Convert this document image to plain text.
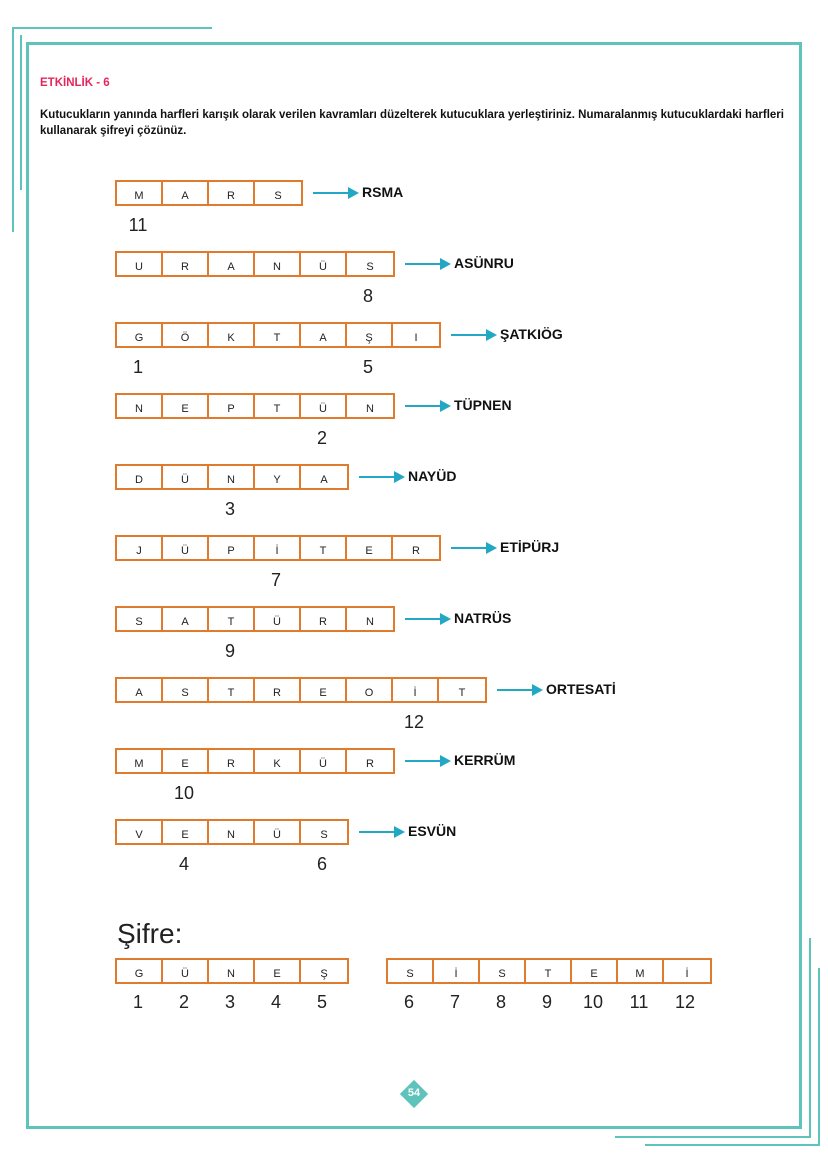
ETKİNLİK - 6
Kutucukların yanında harfleri karışık olarak verilen kavramları düzelterek kutucuklara yerleştiriniz. Numaralanmış kutucuklardaki harfleri kullanarak şifreyi çözünüz.
M	A	R	S	RSMA
11
U	R	A	N	Ü	S	ASÜNRU
8
G	Ö	K	T	A	Ş	I	ŞATKIÖG
1	5
N	E	P	T	Ü	N	TÜPNEN
2
D	Ü	N	Y	A	NAYÜD
3
J	Ü	P	İ	T	E	R	ETİPÜRJ
7
S	A	T	Ü	R	N	NATRÜS
9
A	S	T	R	E	O	İ	T	ORTESATİ
12
M	E	R	K	Ü	R	KERRÜM
10
V	E	N	Ü	S	ESVÜN
4	6
Şifre:
G	Ü	N	E	Ş
1	2	3	4	5
S	İ	S	T	E	M	İ
6	7	8	9	10	11	12
54
